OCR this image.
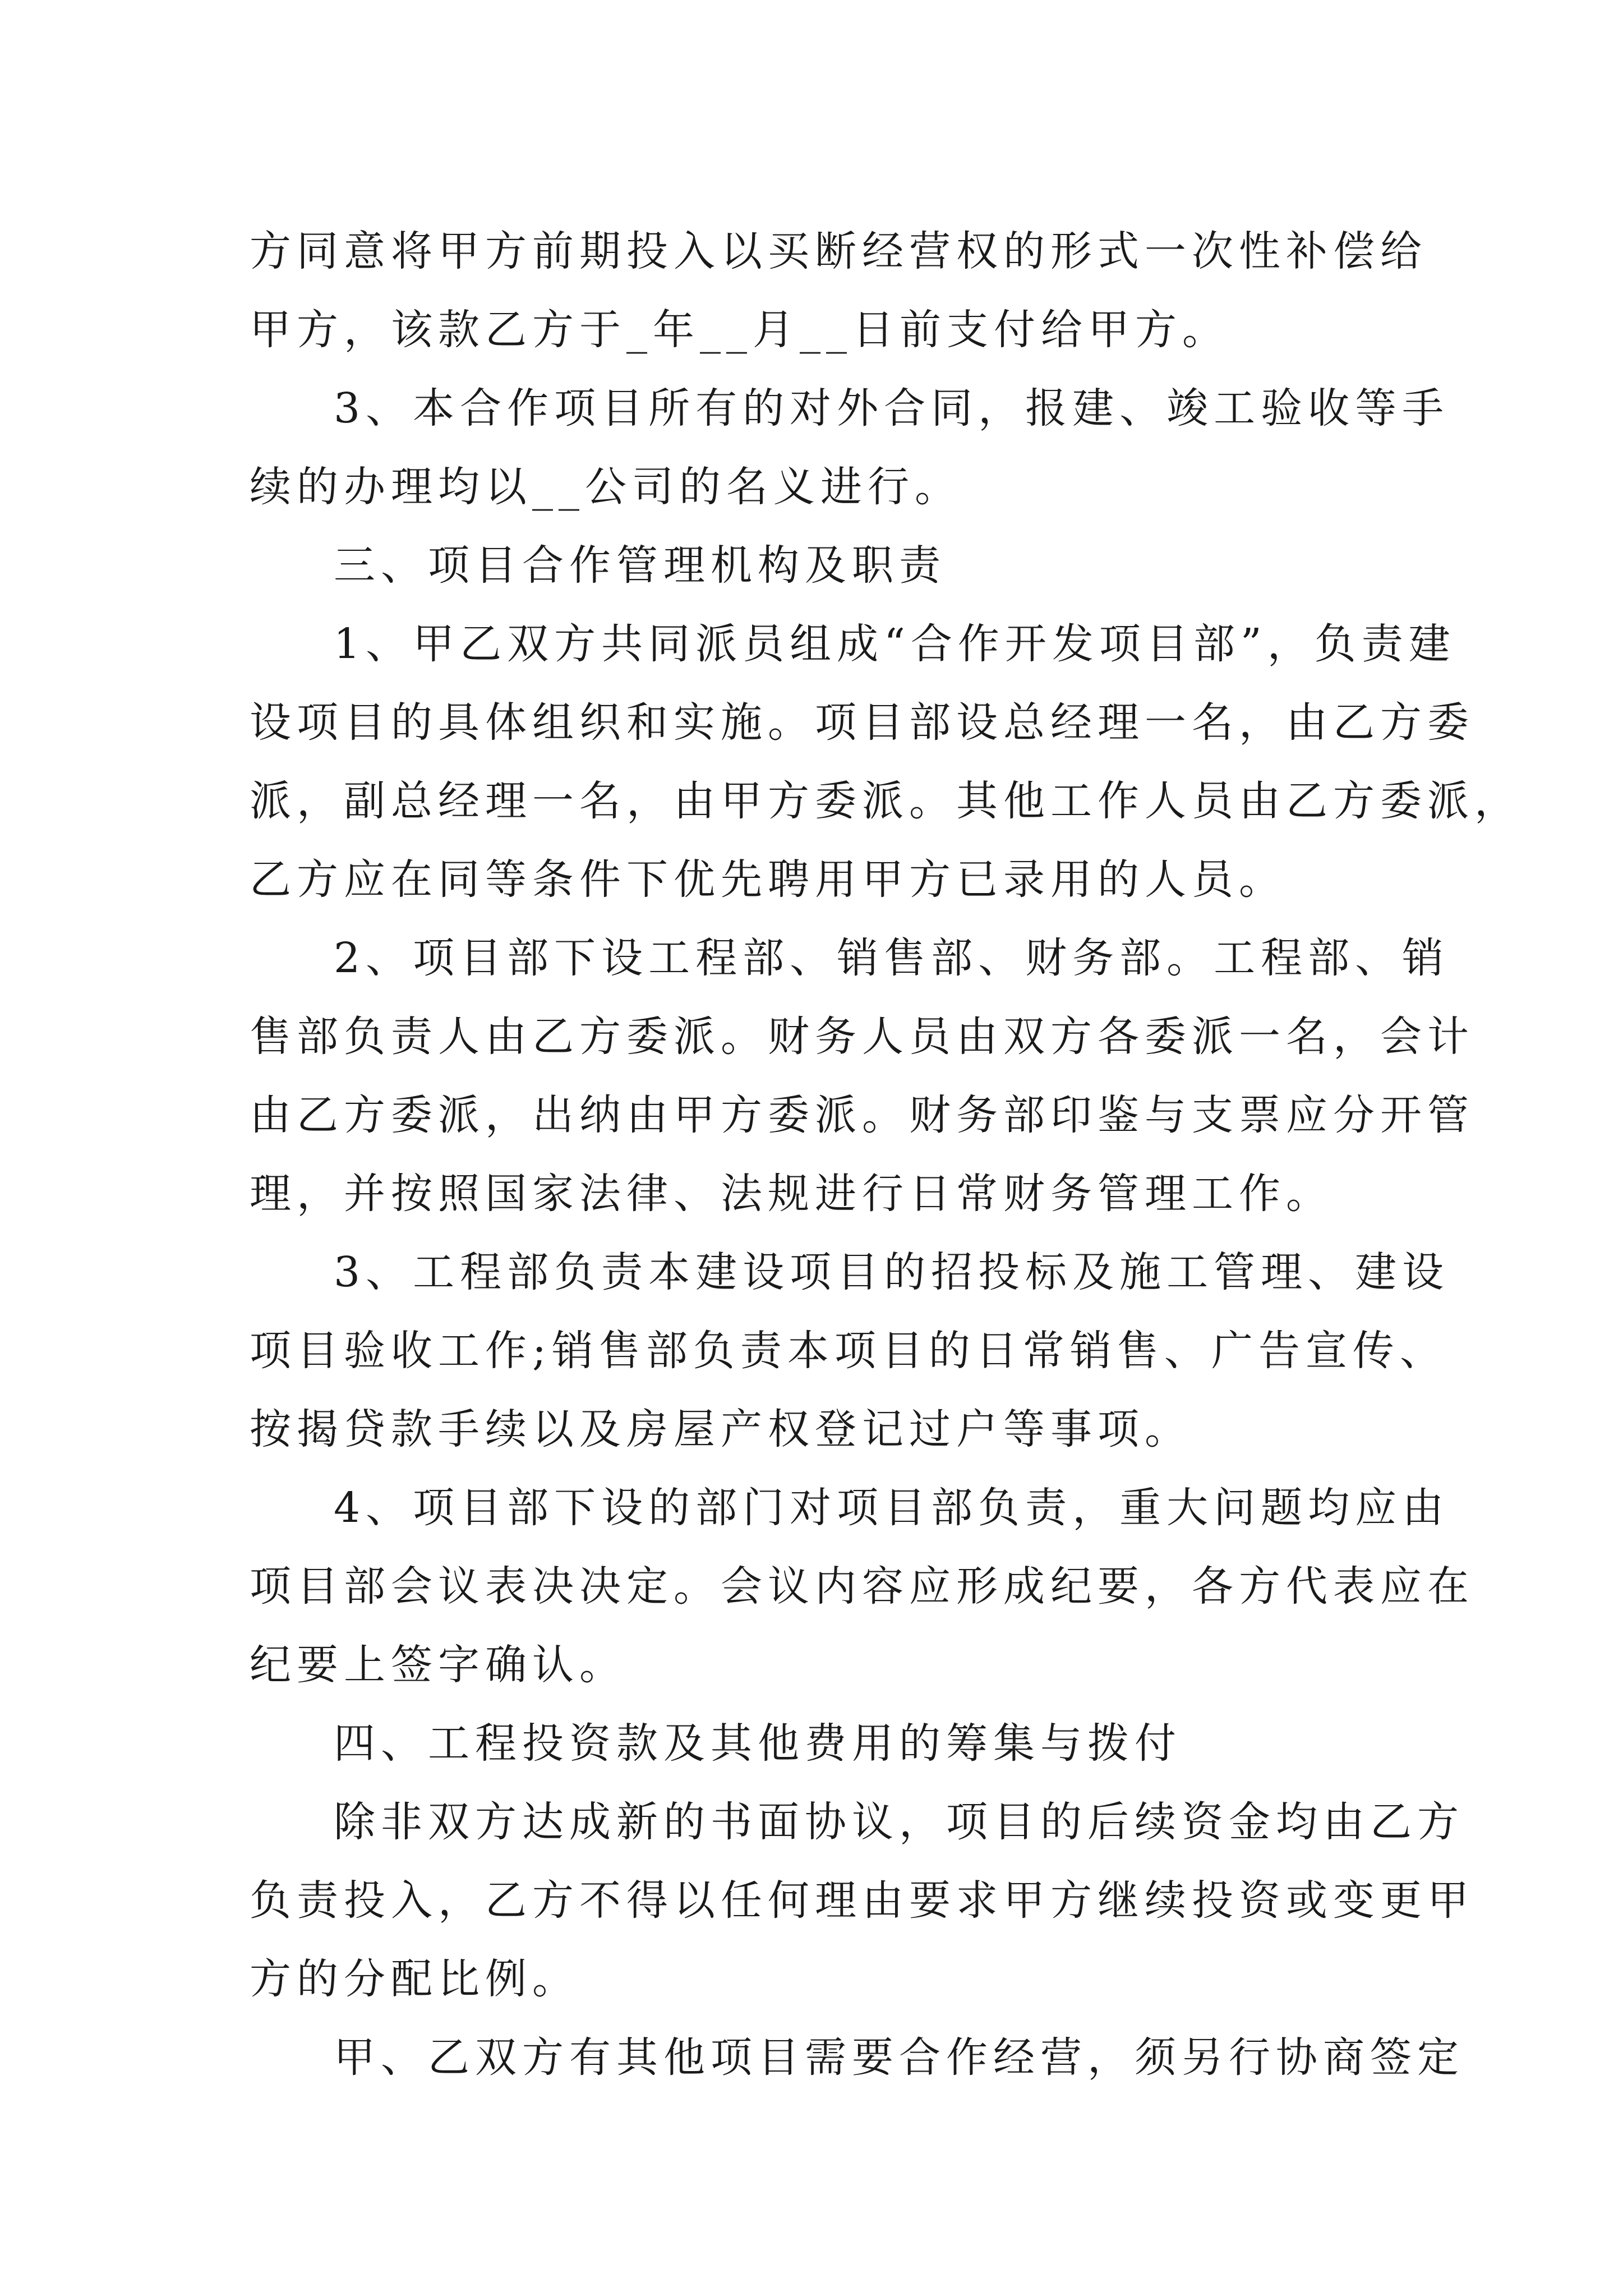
方同意将甲方前期投入以买断经营权的形式一次性补偿给
甲方，该款乙方于_年__月__日前支付给甲方。

3、本合作项目所有的对外合同，报建、竣工验收等手
续的办理均以__公司的名义进行。

三、项目合作管理机构及职责

1、甲乙双方共同派员组成“合作开发项目部”，负责建
设项目的具体组织和实施。项目部设总经理一名，由乙方委
派，副总经理一名，由甲方委派。其他工作人员由乙方委派，
乙方应在同等条件下优先聘用甲方已录用的人员。

2、项目部下设工程部、销售部、财务部。工程部、销
售部负责人由乙方委派。财务人员由双方各委派一名，会计
由乙方委派，出纳由甲方委派。财务部印鉴与支票应分开管
理，并按照国家法律、法规进行日常财务管理工作。

3、工程部负责本建设项目的招投标及施工管理、建设
项目验收工作;销售部负责本项目的日常销售、广告宣传、
按揭贷款手续以及房屋产权登记过户等事项。

4、项目部下设的部门对项目部负责，重大问题均应由
项目部会议表决决定。会议内容应形成纪要，各方代表应在
纪要上签字确认。

四、工程投资款及其他费用的筹集与拨付

除非双方达成新的书面协议，项目的后续资金均由乙方
负责投入，乙方不得以任何理由要求甲方继续投资或变更甲
方的分配比例。

甲、乙双方有其他项目需要合作经营，须另行协商签定
